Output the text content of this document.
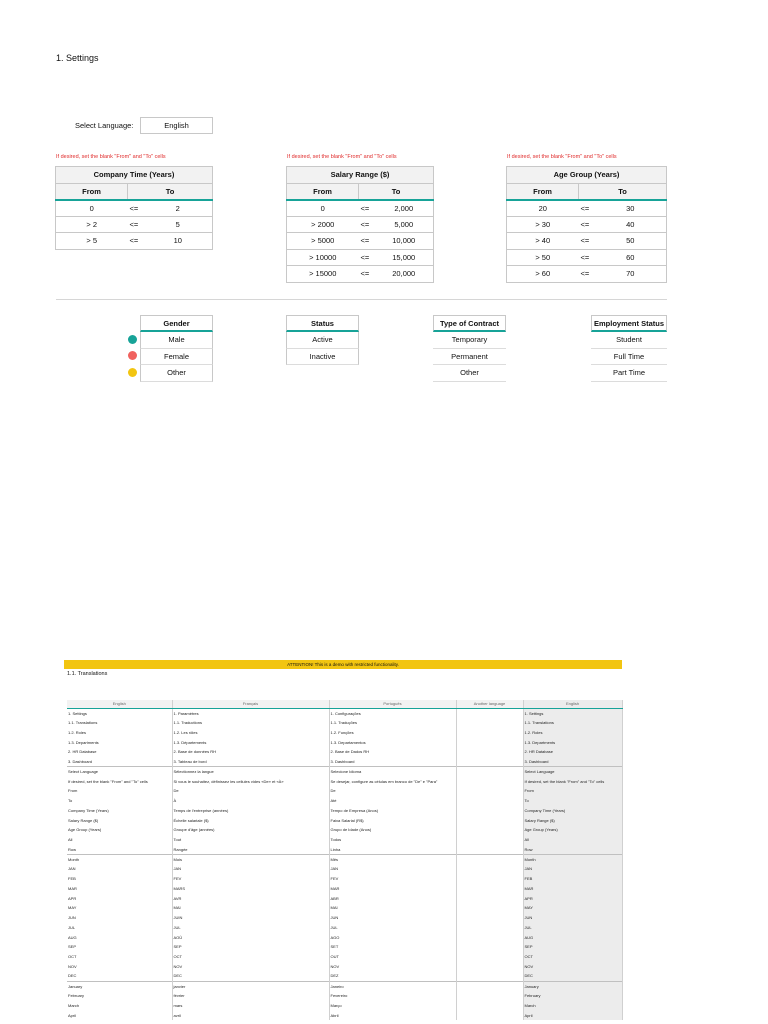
1. Settings
Select Language:	English
If desired, set the blank "From" and "To" cells	If desired, set the blank "From" and "To" cells	If desired, set the blank "From" and "To" cells
Company Time (Years)		
From	To	
0	<=	2
> 2	<=	5
> 5	<=	10
Salary Range ($)		
From	To	
0	<=	2,000
> 2000	<=	5,000
> 5000	<=	10,000
> 10000	<=	15,000
> 15000	<=	20,000
Age Group (Years)		
From	To	
20	<=	30
> 30	<=	40
> 40	<=	50
> 50	<=	60
> 60	<=	70
Gender
Male
Female
Other
Status
Active
Inactive
Type of Contract
Temporary
Permanent
Other
Employment Status
Student
Full Time
Part Time
ATTENTION! This is a demo with restricted functionality.
1.1. Translations
English	Français	Português	Another language	English
1. Settings	1. Paramètres	1. Configurações		1. Settings
1.1. Translations	1.1. Traductions	1.1. Traduções		1.1. Translations
1.2. Roles	1.2. Les rôles	1.2. Funções		1.2. Roles
1.3. Departments	1.3. Départements	1.3. Departamentos		1.3. Departments
2. HR Database	2. Base de données RH	2. Base de Dados RH		2. HR Database
3. Dashboard	3. Tableau de bord	3. Dashboard		3. Dashboard
Select Language	Sélectionnez la langue	Selecione Idioma		Select Language
If desired, set the blank "From" and "To" cells	Si vous le souhaitez, définissez les cellules vides «De» et «À»	Se desejar, configure as células em branco de "De" e "Para"		If desired, set the blank "From" and "To" cells
From	De	De		From
To	À	Até		To
Company Time (Years)	Temps de l'entreprise (années)	Tempo de Empresa (Anos)		Company Time (Years)
Salary Range ($)	Échelle salariale ($)	Faixa Salarial (R$)		Salary Range ($)
Age Group (Years)	Groupe d'âge (années)	Grupo de Idade (Anos)		Age Group (Years)
All	Tout	Todos		All
Row	Rangée	Linha		Row
Month	Mois	Mês		Month
JAN	JAN	JAN		JAN
FEB	FEV	FEV		FEB
MAR	MARS	MAR		MAR
APR	AVR	ABR		APR
MAY	MAI	MAI		MAY
JUN	JUIN	JUN		JUN
JUL	JUL	JUL		JUL
AUG	AOÛ	AGO		AUG
SEP	SEP	SET		SEP
OCT	OCT	OUT		OCT
NOV	NOV	NOV		NOV
DEC	DEC	DEZ		DEC
January	janvier	Janeiro		January
February	février	Fevereiro		February
March	mars	Março		March
April	avril	Abril		April
